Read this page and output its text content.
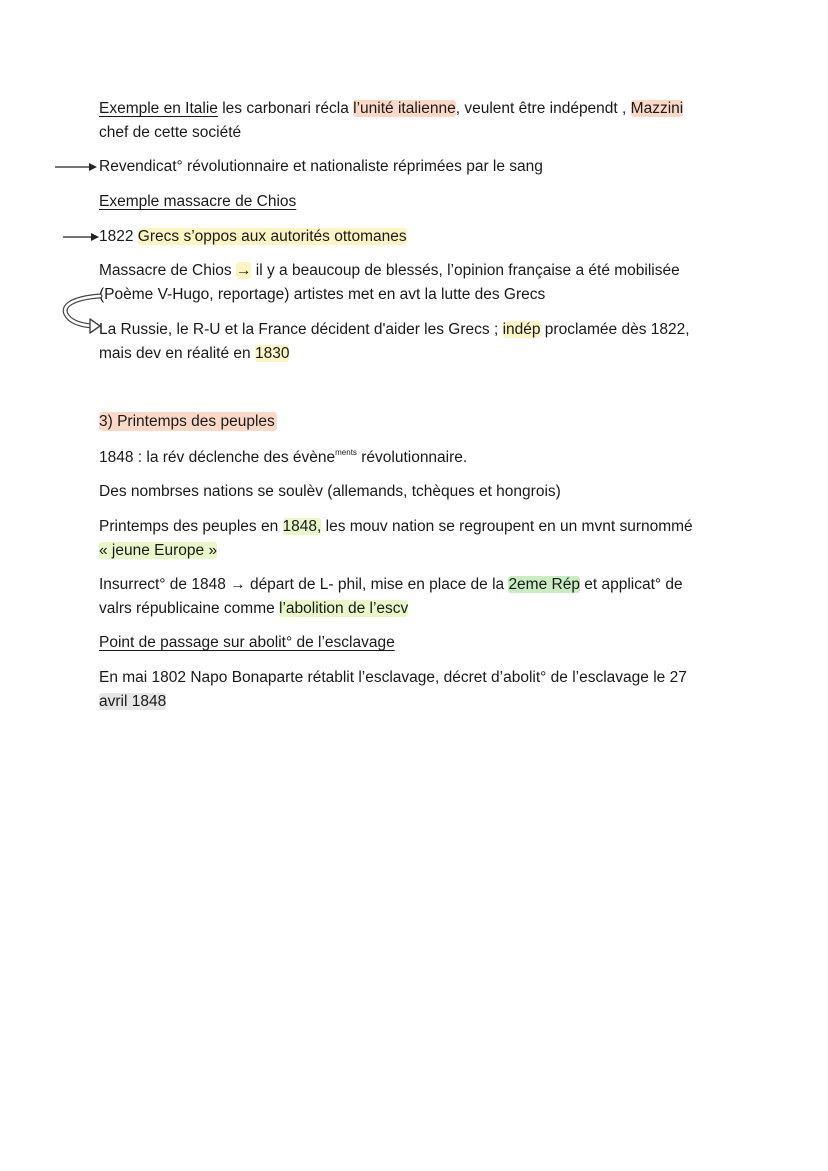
Exemple en Italie les carbonari récla l’unité italienne, veulent être indépendt , Mazzini
chef de cette société
Revendicat° révolutionnaire et nationaliste réprimées par le sang
Exemple massacre de Chios
1822 Grecs s’oppos aux autorités ottomanes
Massacre de Chios → il y a beaucoup de blessés, l’opinion française a été mobilisée
(Poème V-Hugo, reportage) artistes met en avt la lutte des Grecs
La Russie, le R-U et la France décident d'aider les Grecs ; indép proclamée dès 1822,
mais dev en réalité en 1830
3) Printemps des peuples
1848 : la rév déclenche des évène$^{ments}$ révolutionnaire.
Des nombrses nations se soulèv (allemands, tchèques et hongrois)
Printemps des peuples en 1848, les mouv nation se regroupent en un mvnt surnommé
« jeune Europe »
Insurrect° de 1848 → départ de L- phil, mise en place de la 2eme Rép et applicat° de
valrs républicaine comme l’abolition de l’escv
Point de passage sur abolit° de l’esclavage
En mai 1802 Napo Bonaparte rétablit l’esclavage, décret d’abolit° de l’esclavage le 27
avril 1848
